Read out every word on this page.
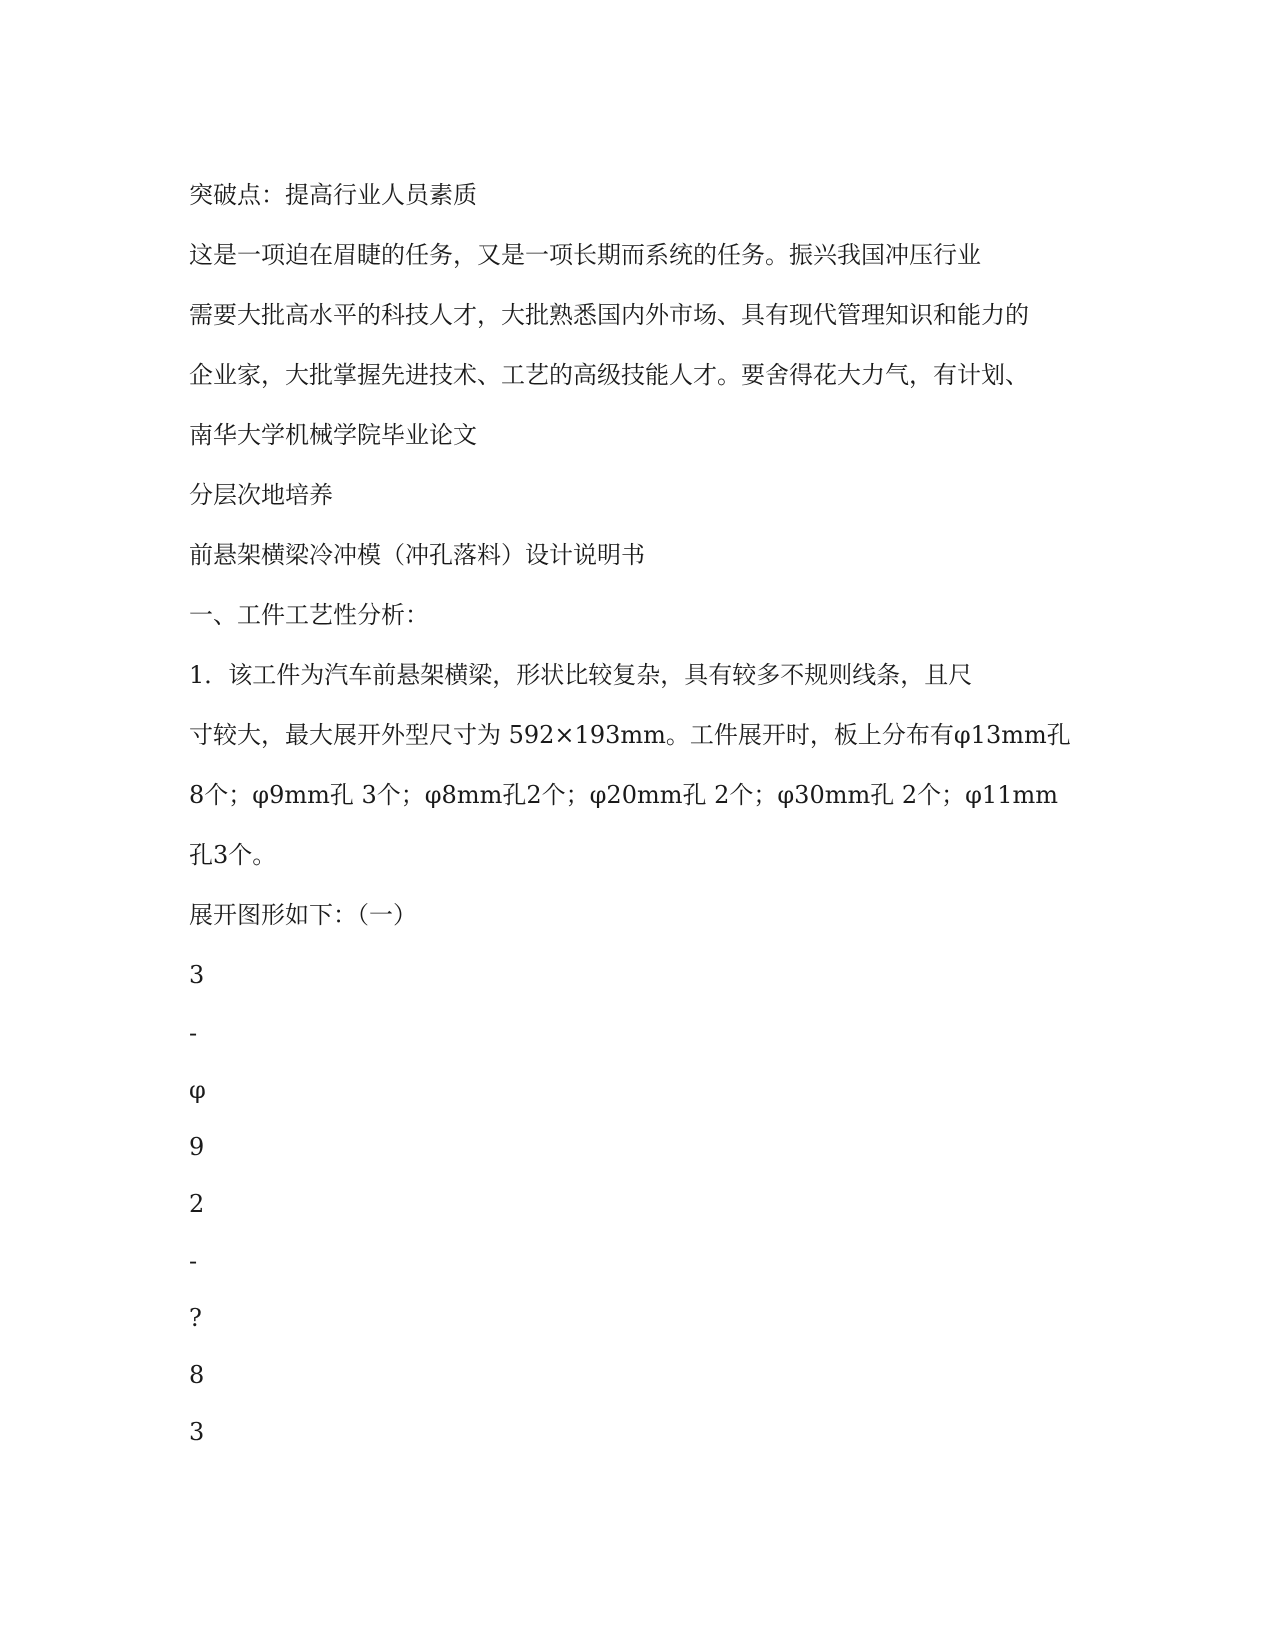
突破点：提高行业人员素质

这是一项迫在眉睫的任务，又是一项长期而系统的任务。振兴我国冲压行业

需要大批高水平的科技人才，大批熟悉国内外市场、具有现代管理知识和能力的

企业家，大批掌握先进技术、工艺的高级技能人才。要舍得花大力气，有计划、

南华大学机械学院毕业论文

分层次地培养

前悬架横梁冷冲模（冲孔落料）设计说明书

一、工件工艺性分析：

1．该工件为汽车前悬架横梁，形状比较复杂，具有较多不规则线条，且尺

寸较大，最大展开外型尺寸为 592×193mm。工件展开时，板上分布有φ13mm孔

8个；φ9mm孔 3个；φ8mm孔2个；φ20mm孔 2个；φ30mm孔 2个；φ11mm

孔3个。

展开图形如下：（一）

3

-

φ

9

2

-

?

8

3
